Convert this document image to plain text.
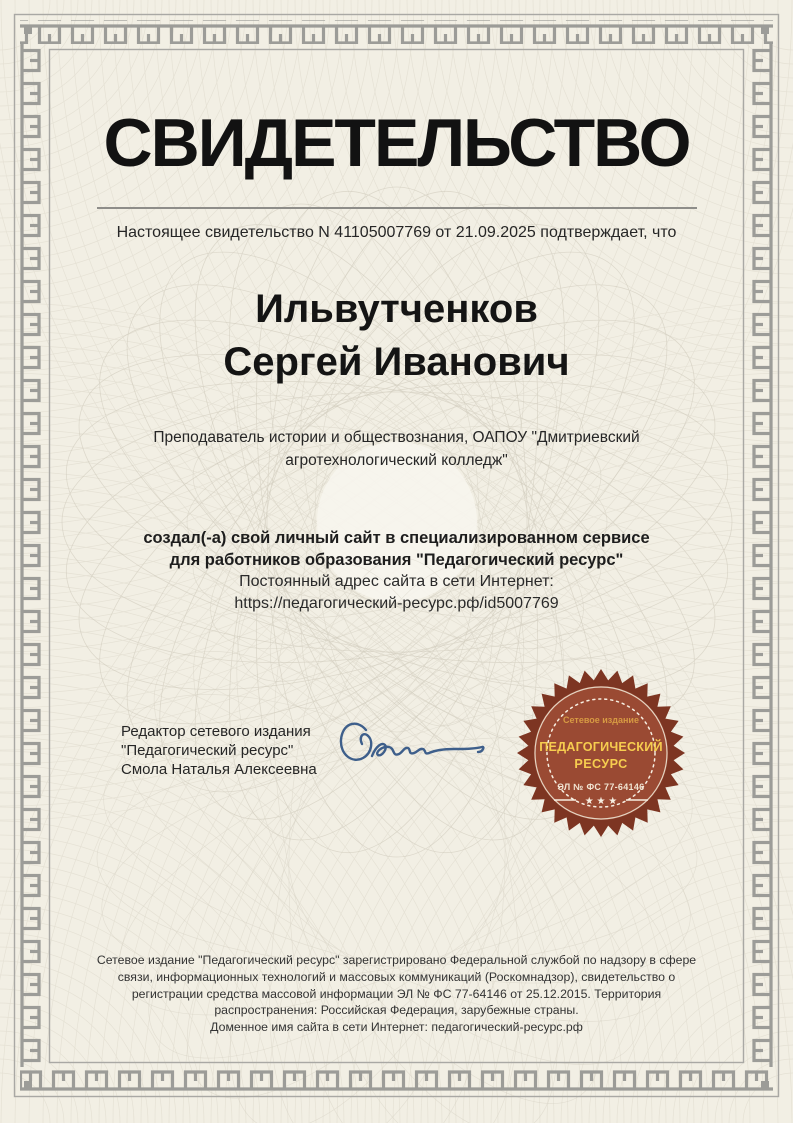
СВИДЕТЕЛЬСТВО
Настоящее свидетельство N 41105007769 от 21.09.2025 подтверждает, что
Ильвутченков
Сергей Иванович
Преподаватель истории и обществознания, ОАПОУ "Дмитриевский
агротехнологический колледж"
создал(-а) свой личный сайт в специализированном сервисе
для работников образования "Педагогический ресурс"
Постоянный адрес сайта в сети Интернет:
https://педагогический-ресурс.рф/id5007769
Редактор сетевого издания
"Педагогический ресурс"
Смола Наталья Алексеевна
Сетевое издание
ПЕДАГОГИЧЕСКИЙ
РЕСУРС
ЭЛ № ФС 77-64146
★ ★ ★
Сетевое издание "Педагогический ресурс" зарегистрировано Федеральной службой по надзору в сфере
связи, информационных технологий и массовых коммуникаций (Роскомнадзор), свидетельство о
регистрации средства массовой информации ЭЛ № ФС 77-64146 от 25.12.2015. Территория
распространения: Российская Федерация, зарубежные страны.
Доменное имя сайта в сети Интернет: педагогический-ресурс.рф
